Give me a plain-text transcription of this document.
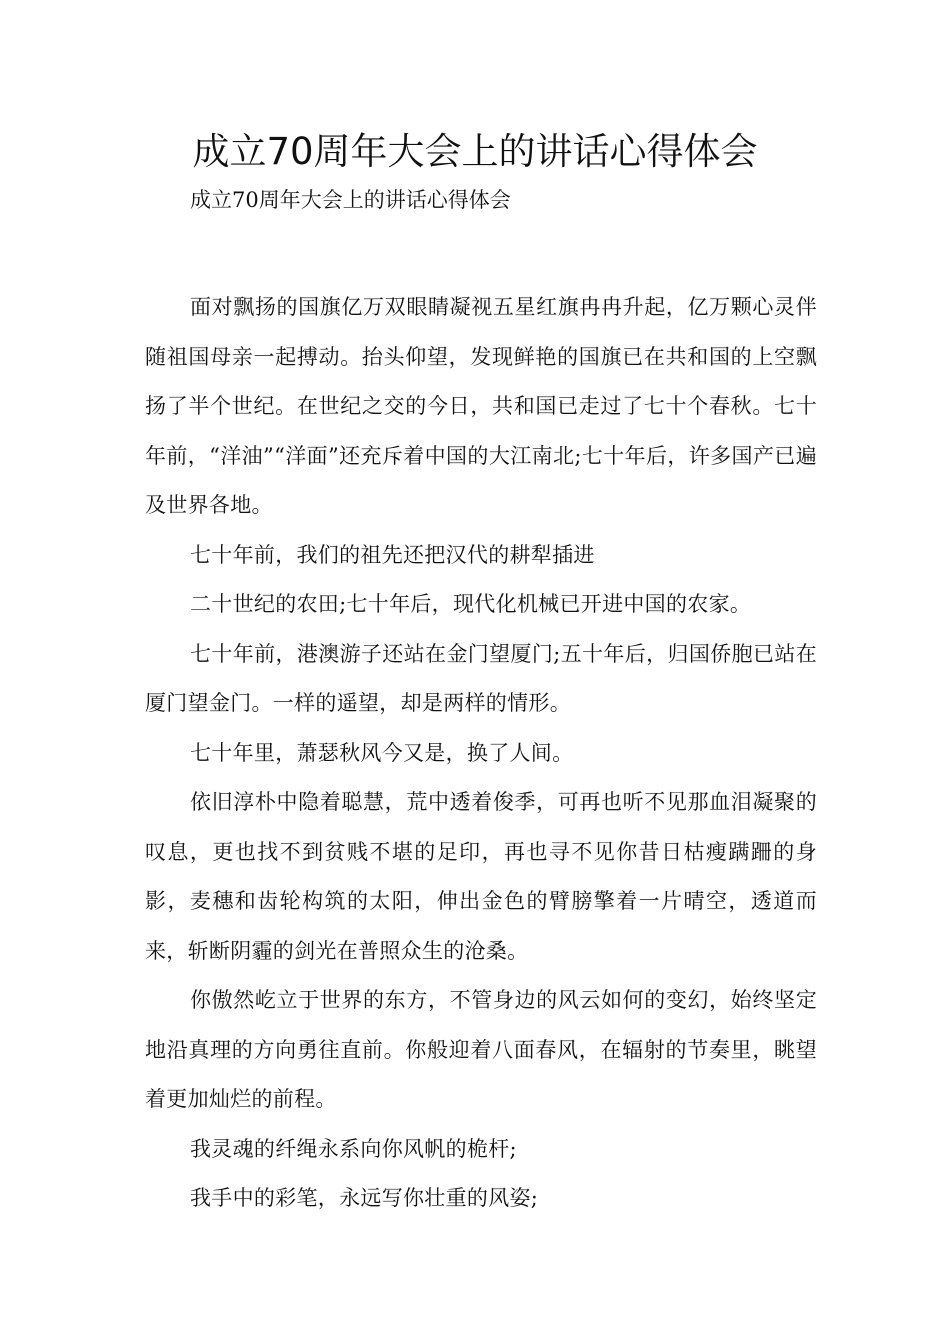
成立70周年大会上的讲话心得体会

成立70周年大会上的讲话心得体会

面对飘扬的国旗亿万双眼睛凝视五星红旗冉冉升起，亿万颗心灵伴随祖国母亲一起搏动。抬头仰望，发现鲜艳的国旗已在共和国的上空飘扬了半个世纪。在世纪之交的今日，共和国已走过了七十个春秋。七十年前，“洋油”“洋面”还充斥着中国的大江南北;七十年后，许多国产已遍及世界各地。

七十年前，我们的祖先还把汉代的耕犁插进

二十世纪的农田;七十年后，现代化机械已开进中国的农家。

七十年前，港澳游子还站在金门望厦门;五十年后，归国侨胞已站在厦门望金门。一样的遥望，却是两样的情形。

七十年里，萧瑟秋风今又是，换了人间。

依旧淳朴中隐着聪慧，荒中透着俊季，可再也听不见那血泪凝聚的叹息，更也找不到贫贱不堪的足印，再也寻不见你昔日枯瘦蹒跚的身影，麦穗和齿轮构筑的太阳，伸出金色的臂膀擎着一片晴空，透道而来，斩断阴霾的剑光在普照众生的沧桑。

你傲然屹立于世界的东方，不管身边的风云如何的变幻，始终坚定地沿真理的方向勇往直前。你般迎着八面春风，在辐射的节奏里，眺望着更加灿烂的前程。

我灵魂的纤绳永系向你风帆的桅杆;

我手中的彩笔，永远写你壮重的风姿;
